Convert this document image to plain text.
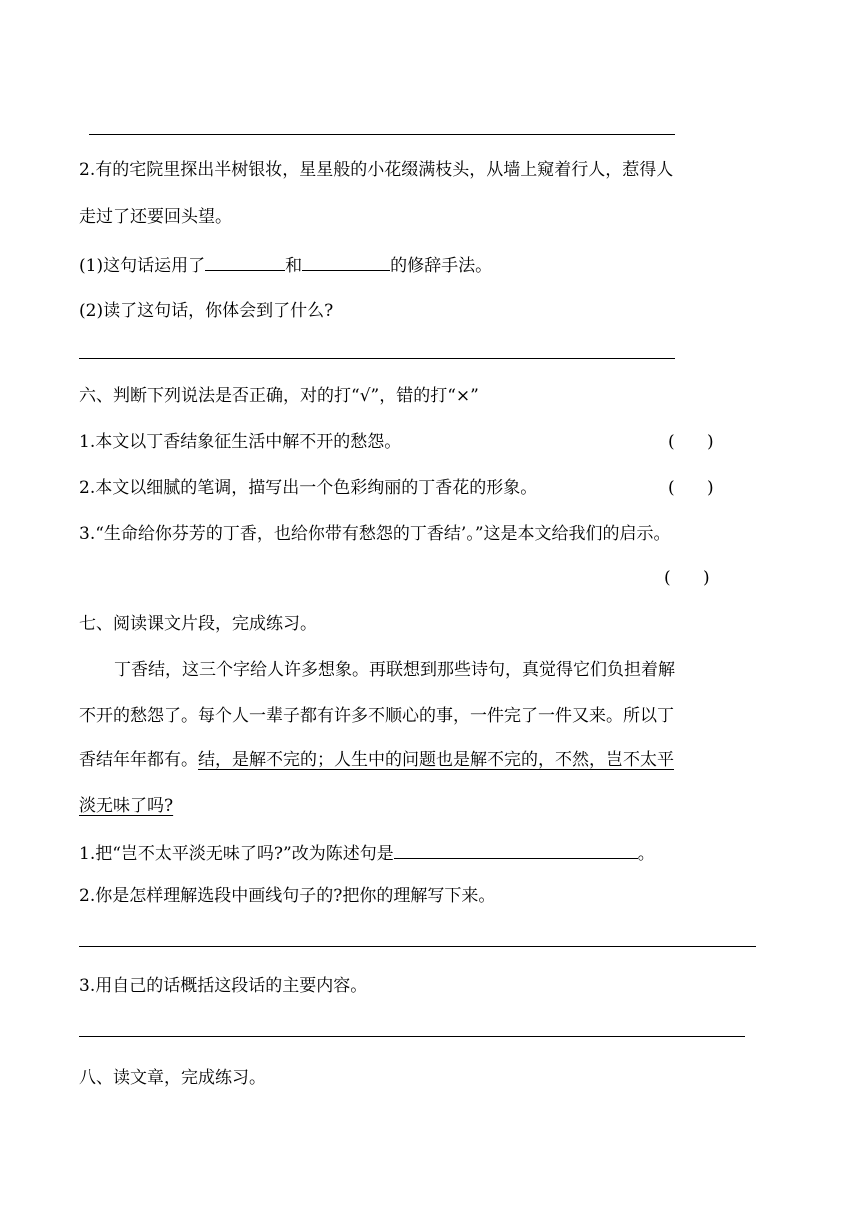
2.有的宅院里探出半树银妆，星星般的小花缀满枝头，从墙上窥着行人，惹得人
走过了还要回头望。
(1)这句话运用了	和	的修辞手法。
(2)读了这句话，你体会到了什么?
六、判断下列说法是否正确，对的打“√”，错的打“×”
1.本文以丁香结象征生活中解不开的愁怨。	(      )
2.本文以细腻的笔调，描写出一个色彩绚丽的丁香花的形象。	(      )
3.“生命给你芬芳的丁香，也给你带有愁怨的丁香结’。”这是本文给我们的启示。
(      )
七、阅读课文片段，完成练习。
丁香结，这三个字给人许多想象。再联想到那些诗句，真觉得它们负担着解
不开的愁怨了。每个人一辈子都有许多不顺心的事，一件完了一件又来。所以丁
香结年年都有。结，是解不完的；人生中的问题也是解不完的，不然，岂不太平
淡无味了吗?
1.把“岂不太平淡无味了吗?”改为陈述句是	。
2.你是怎样理解选段中画线句子的?把你的理解写下来。
3.用自己的话概括这段话的主要内容。
八、读文章，完成练习。
